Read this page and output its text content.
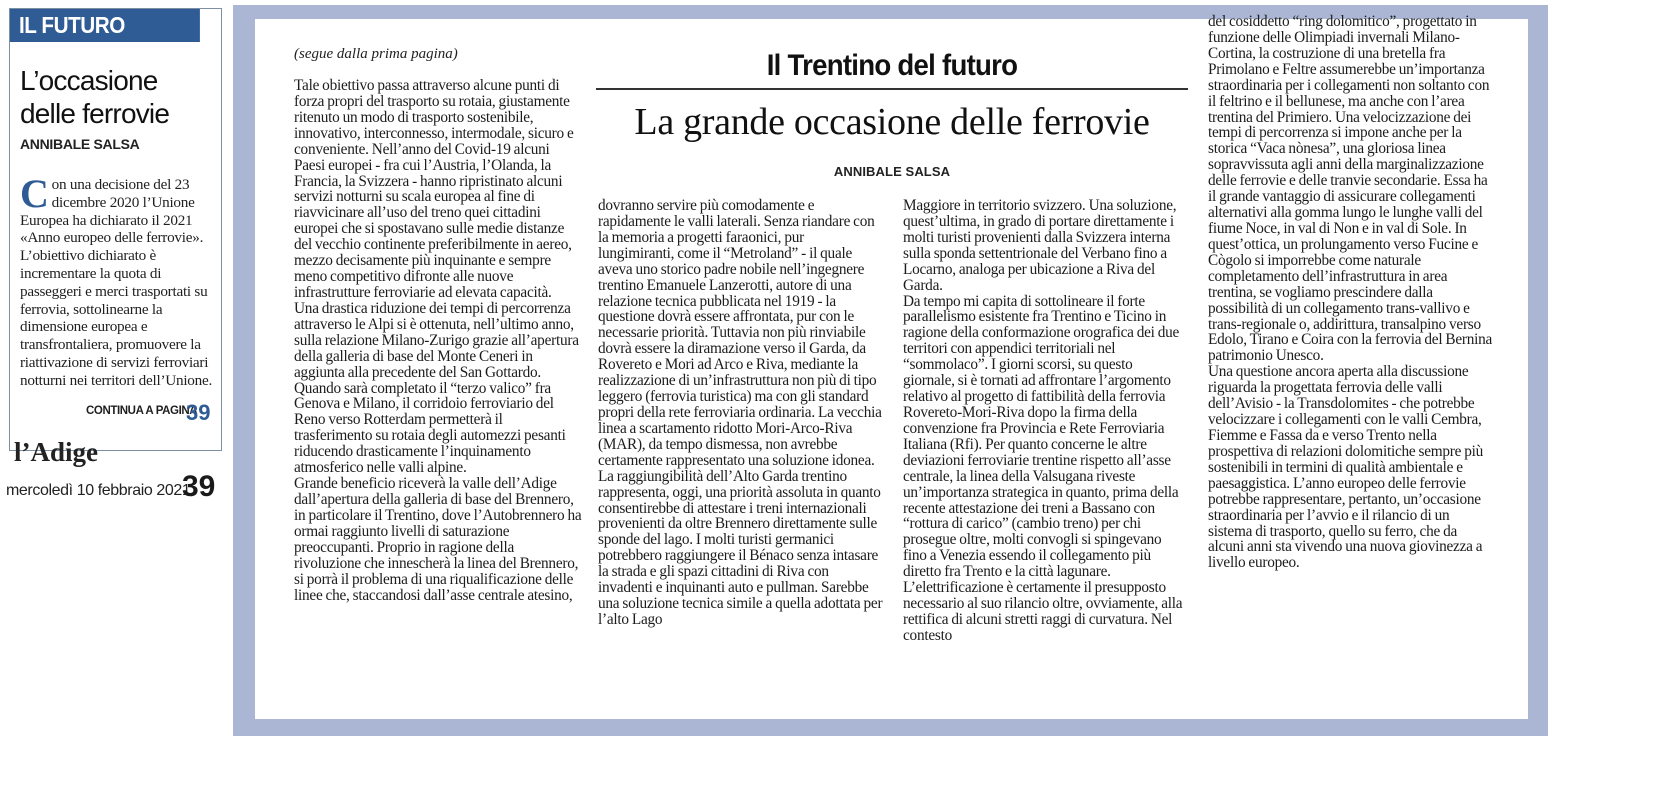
IL FUTURO
L’occasione delle ferrovie
ANNIBALE SALSA

Con una decisione del 23 dicembre 2020 l’Unione Europea ha dichiarato il 2021 «Anno europeo delle ferrovie». L’obiettivo dichiarato è incrementare la quota di passeggeri e merci trasportati su ferrovia, sottolinearne la dimensione europea e transfrontaliera, promuovere la riattivazione di servizi ferroviari notturni nei territori dell’Unione.

CONTINUA A PAGINA
39
l’Adige
mercoledì 10 febbraio 2021
39
(segue dalla prima pagina)	Il Trentino del futuro
La grande occasione delle ferrovie
ANNIBALE SALSA

Tale obiettivo passa attraverso alcune punti di forza propri del trasporto su rotaia, giustamente ritenuto un modo di trasporto sostenibile, innovativo, interconnesso, intermodale, sicuro e conveniente. Nell’anno del Covid-19 alcuni Paesi europei - fra cui l’Austria, l’Olanda, la Francia, la Svizzera - hanno ripristinato alcuni servizi notturni su scala europea al fine di riavvicinare all’uso del treno quei cittadini europei che si spostavano sulle medie distanze del vecchio continente preferibilmente in aereo, mezzo decisamente più inquinante e sempre meno competitivo difronte alle nuove infrastrutture ferroviarie ad elevata capacità.
Una drastica riduzione dei tempi di percorrenza attraverso le Alpi si è ottenuta, nell’ultimo anno, sulla relazione Milano-Zurigo grazie all’apertura della galleria di base del Monte Ceneri in aggiunta alla precedente del San Gottardo. Quando sarà completato il “terzo valico” fra Genova e Milano, il corridoio ferroviario del Reno verso Rotterdam permetterà il trasferimento su rotaia degli automezzi pesanti riducendo drasticamente l’inquinamento atmosferico nelle valli alpine.
Grande beneficio riceverà la valle dell’Adige dall’apertura della galleria di base del Brennero, in particolare il Trentino, dove l’Autobrennero ha ormai raggiunto livelli di saturazione preoccupanti. Proprio in ragione della rivoluzione che innescherà la linea del Brennero, si porrà il problema di una riqualificazione delle linee che, staccandosi dall’asse centrale atesino,

dovranno servire più comodamente e rapidamente le valli laterali. Senza riandare con la memoria a progetti faraonici, pur lungimiranti, come il “Metroland” - il quale aveva uno storico padre nobile nell’ingegnere trentino Emanuele Lanzerotti, autore di una relazione tecnica pubblicata nel 1919 - la questione dovrà essere affrontata, pur con le necessarie priorità. Tuttavia non più rinviabile dovrà essere la diramazione verso il Garda, da Rovereto e Mori ad Arco e Riva, mediante la realizzazione di un’infrastruttura non più di tipo leggero (ferrovia turistica) ma con gli standard propri della rete ferroviaria ordinaria. La vecchia linea a scartamento ridotto Mori-Arco-Riva (MAR), da tempo dismessa, non avrebbe certamente rappresentato una soluzione idonea. La raggiungibilità dell’Alto Garda trentino rappresenta, oggi, una priorità assoluta in quanto consentirebbe di attestare i treni internazionali provenienti da oltre Brennero direttamente sulle sponde del lago. I molti turisti germanici potrebbero raggiungere il Bénaco senza intasare la strada e gli spazi cittadini di Riva con invadenti e inquinanti auto e pullman. Sarebbe una soluzione tecnica simile a quella adottata per l’alto Lago

Maggiore in territorio svizzero. Una soluzione, quest’ultima, in grado di portare direttamente i molti turisti provenienti dalla Svizzera interna sulla sponda settentrionale del Verbano fino a Locarno, analoga per ubicazione a Riva del Garda.
Da tempo mi capita di sottolineare il forte parallelismo esistente fra Trentino e Ticino in ragione della conformazione orografica dei due territori con appendici territoriali nel “sommolaco”. I giorni scorsi, su questo giornale, si è tornati ad affrontare l’argomento relativo al progetto di fattibilità della ferrovia Rovereto-Mori-Riva dopo la firma della convenzione fra Provincia e Rete Ferroviaria Italiana (Rfi). Per quanto concerne le altre deviazioni ferroviarie trentine rispetto all’asse centrale, la linea della Valsugana riveste un’importanza strategica in quanto, prima della recente attestazione dei treni a Bassano con “rottura di carico” (cambio treno) per chi prosegue oltre, molti convogli si spingevano fino a Venezia essendo il collegamento più diretto fra Trento e la città lagunare.
L’elettrificazione è certamente il presupposto necessario al suo rilancio oltre, ovviamente, alla rettifica di alcuni stretti raggi di curvatura. Nel contesto

del cosiddetto “ring dolomitico”, progettato in funzione delle Olimpiadi invernali Milano-Cortina, la costruzione di una bretella fra Primolano e Feltre assumerebbe un’importanza straordinaria per i collegamenti non soltanto con il feltrino e il bellunese, ma anche con l’area trentina del Primiero. Una velocizzazione dei tempi di percorrenza si impone anche per la storica “Vaca nònesa”, una gloriosa linea sopravvissuta agli anni della marginalizzazione delle ferrovie e delle tranvie secondarie. Essa ha il grande vantaggio di assicurare collegamenti alternativi alla gomma lungo le lunghe valli del fiume Noce, in val di Non e in val di Sole. In quest’ottica, un prolungamento verso Fucine e Cògolo si imporrebbe come naturale completamento dell’infrastruttura in area trentina, se vogliamo prescindere dalla possibilità di un collegamento trans-vallivo e trans-regionale o, addirittura, transalpino verso Edolo, Tirano e Coira con la ferrovia del Bernina patrimonio Unesco.
Una questione ancora aperta alla discussione riguarda la progettata ferrovia delle valli dell’Avisio - la Transdolomites - che potrebbe velocizzare i collegamenti con le valli Cembra, Fiemme e Fassa da e verso Trento nella prospettiva di relazioni dolomitiche sempre più sostenibili in termini di qualità ambientale e paesaggistica. L’anno europeo delle ferrovie potrebbe rappresentare, pertanto, un’occasione straordinaria per l’avvio e il rilancio di un sistema di trasporto, quello su ferro, che da alcuni anni sta vivendo una nuova giovinezza a livello europeo.
